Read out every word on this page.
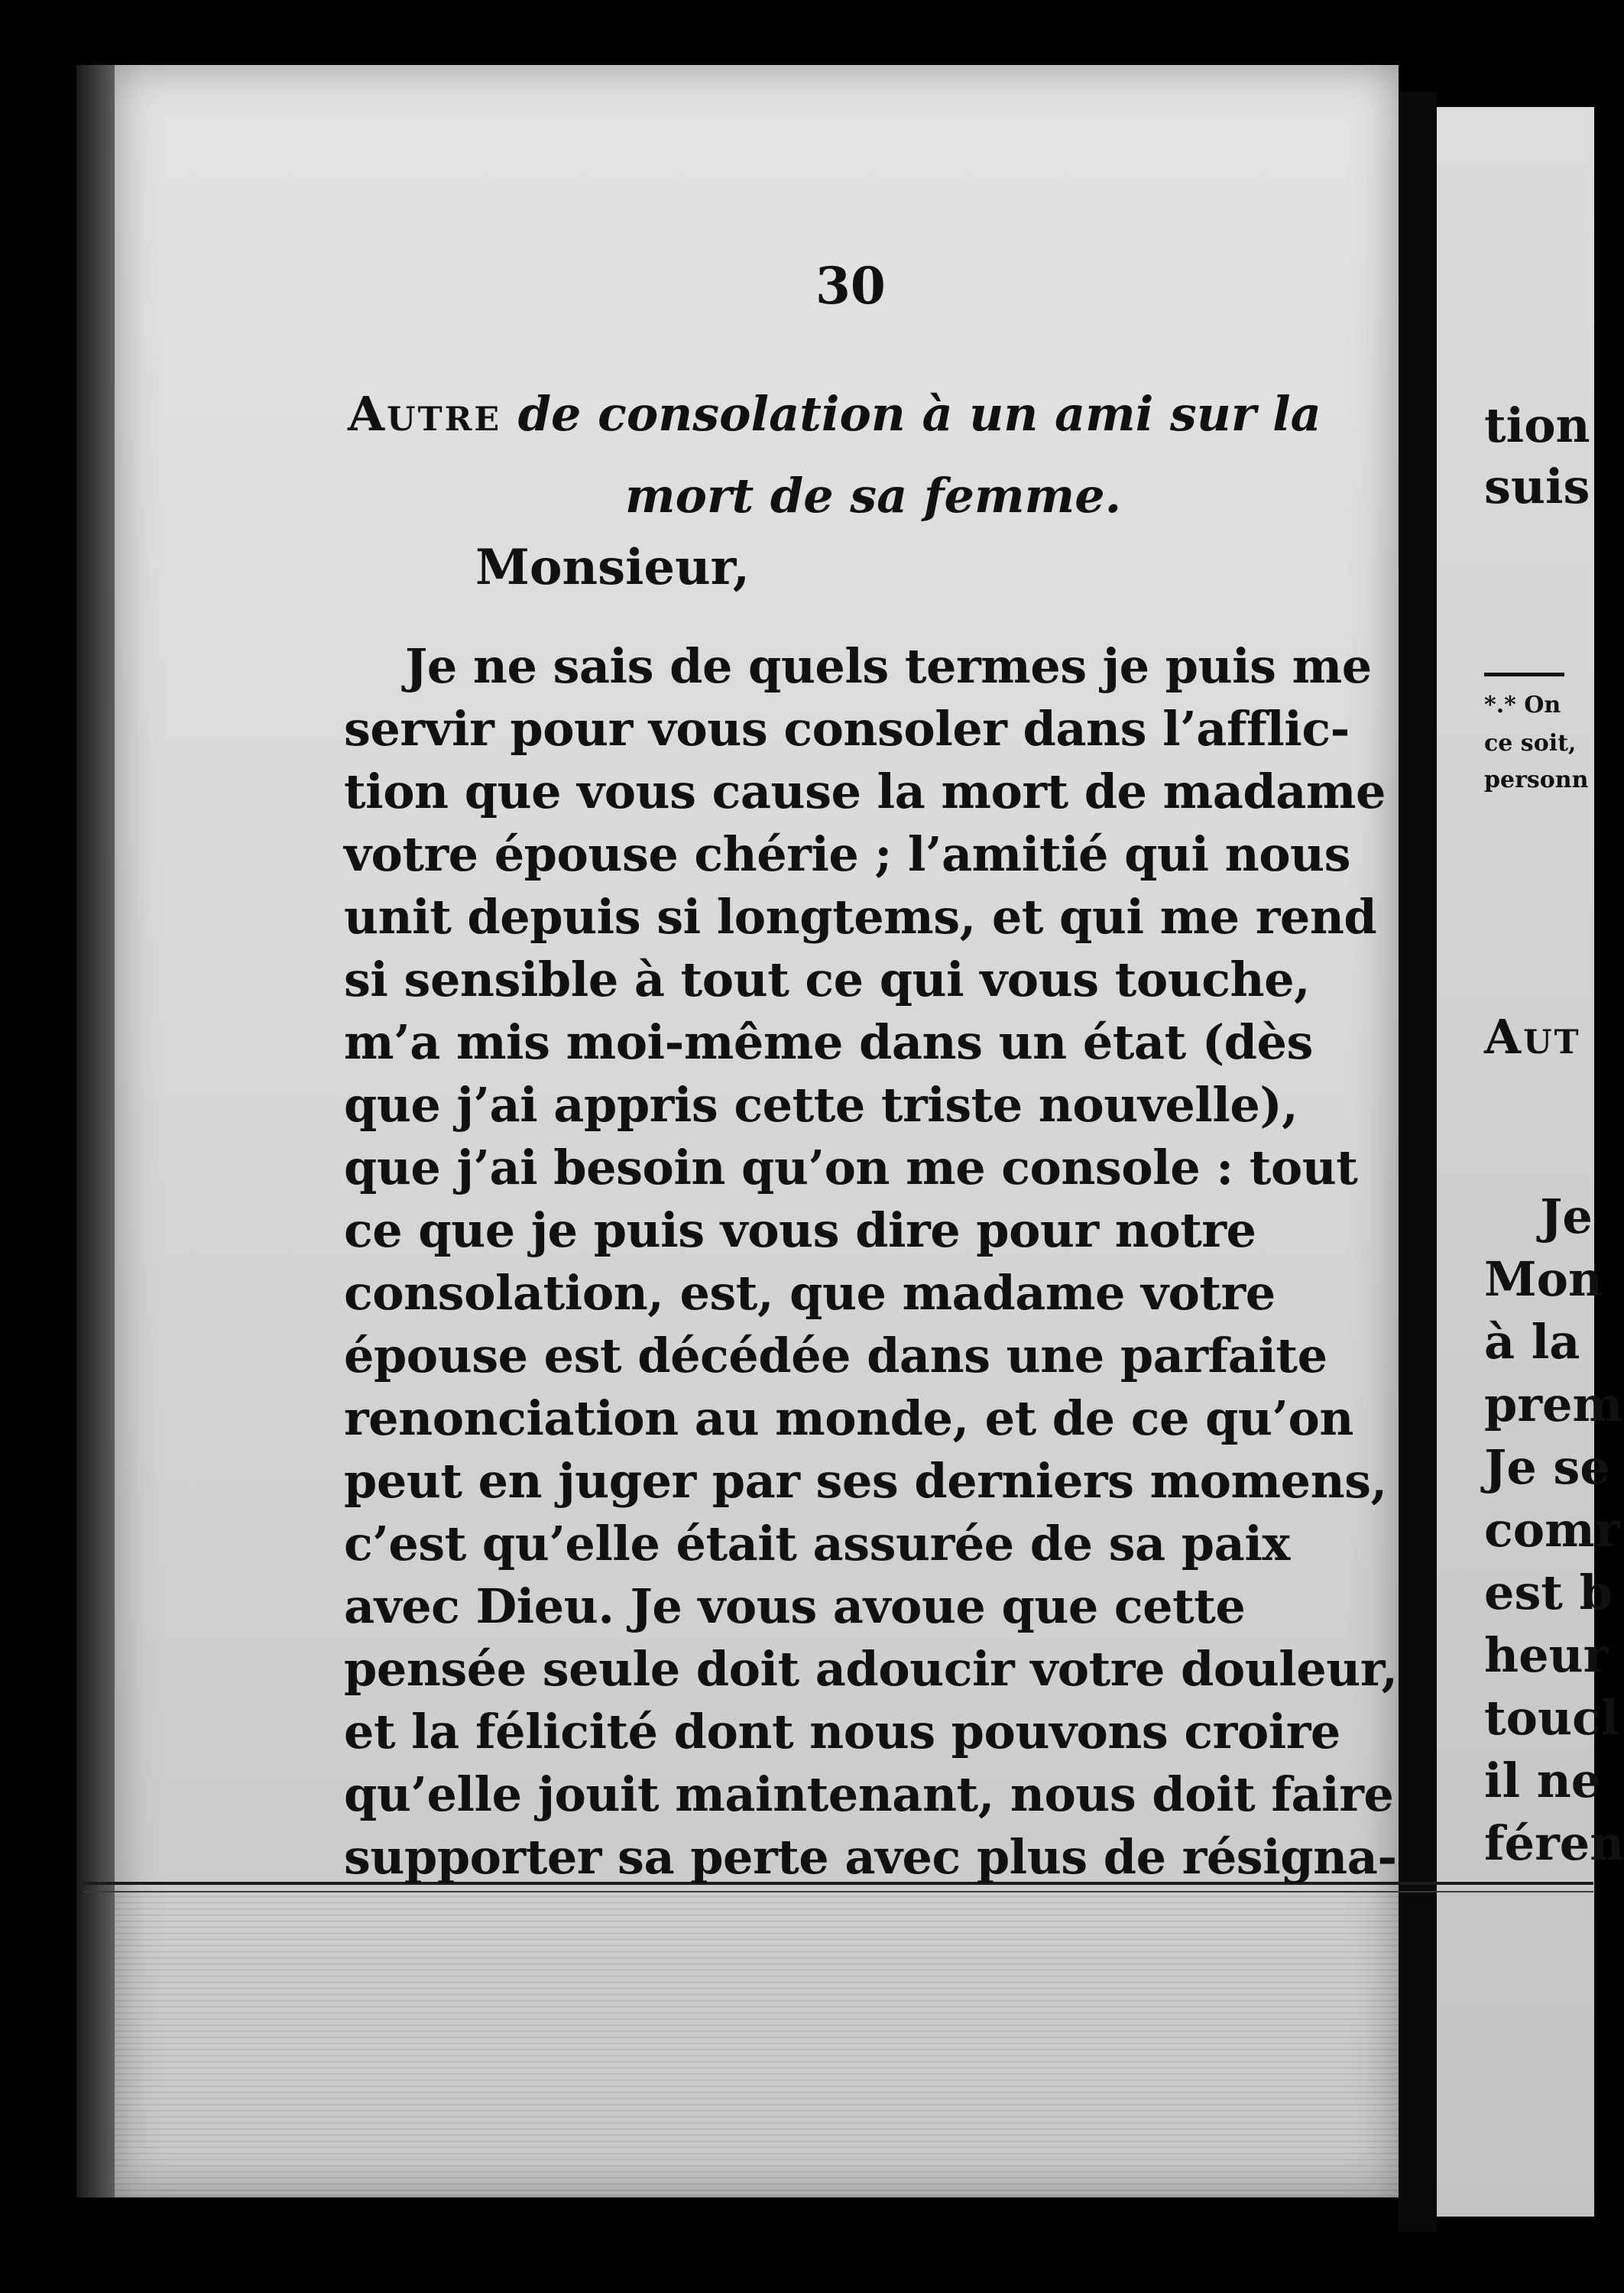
30
Autre de consolation à un ami sur la
mort de sa femme.
Monsieur,
Je ne sais de quels termes je puis me
servir pour vous consoler dans l’afflic-
tion que vous cause la mort de madame
votre épouse chérie ; l’amitié qui nous
unit depuis si longtems, et qui me rend
si sensible à tout ce qui vous touche,
m’a mis moi-même dans un état (dès
que j’ai appris cette triste nouvelle),
que j’ai besoin qu’on me console : tout
ce que je puis vous dire pour notre
consolation, est, que madame votre
épouse est décédée dans une parfaite
renonciation au monde, et de ce qu’on
peut en juger par ses derniers momens,
c’est qu’elle était assurée de sa paix
avec Dieu. Je vous avoue que cette
pensée seule doit adoucir votre douleur,
et la félicité dont nous pouvons croire
qu’elle jouit maintenant, nous doit faire
supporter sa perte avec plus de résigna-
tion
suis
*.* On
ce soit,
personn
Aut
Je
Mon
à la
prem
Je se
comr
est b
heur
toucl
il ne
féren
